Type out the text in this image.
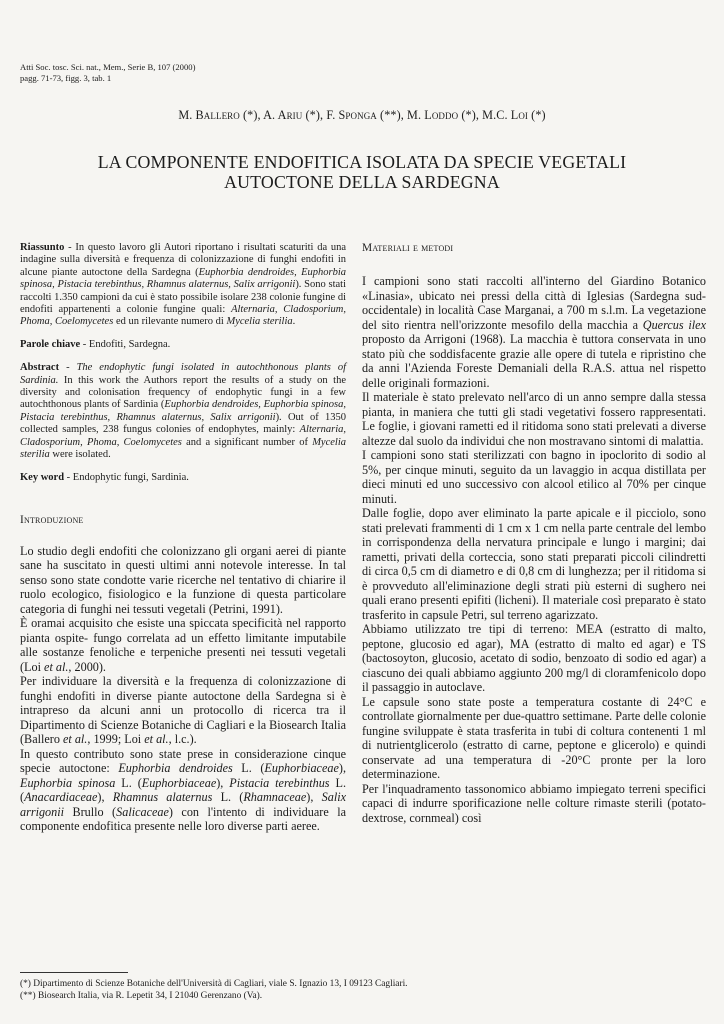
Atti Soc. tosc. Sci. nat., Mem., Serie B, 107 (2000)
pagg. 71-73, figg. 3, tab. 1
M. Ballero (*), A. Ariu (*), F. Sponga (**), M. Loddo (*), M.C. Loi (*)
LA COMPONENTE ENDOFITICA ISOLATA DA SPECIE VEGETALI
AUTOCTONE DELLA SARDEGNA

Riassunto - In questo lavoro gli Autori riportano i risultati scaturiti da una indagine sulla diversità e frequenza di colonizzazione di funghi endofiti in alcune piante autoctone della Sardegna (Euphorbia dendroides, Euphorbia spinosa, Pistacia terebinthus, Rhamnus alaternus, Salix arrigonii). Sono stati raccolti 1.350 campioni da cui è stato possibile isolare 238 colonie fungine di endofiti appartenenti a colonie fungine quali: Alternaria, Cladosporium, Phoma, Coelomycetes ed un rilevante numero di Mycelia sterilia.

Parole chiave - Endofiti, Sardegna.

Abstract - The endophytic fungi isolated in autochthonous plants of Sardinia. In this work the Authors report the results of a study on the diversity and colonisation frequency of endophytic fungi in a few autochthonous plants of Sardinia (Euphorbia dendroides, Euphorbia spinosa, Pistacia terebinthus, Rhamnus alaternus, Salix arrigonii). Out of 1350 collected samples, 238 fungus colonies of endophytes, mainly: Alternaria, Cladosporium, Phoma, Coelomycetes and a significant number of Mycelia sterilia were isolated.

Key word - Endophytic fungi, Sardinia.

Introduzione

Lo studio degli endofiti che colonizzano gli organi aerei di piante sane ha suscitato in questi ultimi anni notevole interesse. In tal senso sono state condotte varie ricerche nel tentativo di chiarire il ruolo ecologico, fisiologico e la funzione di questa particolare categoria di funghi nei tessuti vegetali (Petrini, 1991).

È oramai acquisito che esiste una spiccata specificità nel rapporto pianta ospite- fungo correlata ad un effetto limitante imputabile alle sostanze fenoliche e terpeniche presenti nei tessuti vegetali (Loi et al., 2000).

Per individuare la diversità e la frequenza di colonizzazione di funghi endofiti in diverse piante autoctone della Sardegna si è intrapreso da alcuni anni un protocollo di ricerca tra il Dipartimento di Scienze Botaniche di Cagliari e la Biosearch Italia (Ballero et al., 1999; Loi et al., l.c.).

In questo contributo sono state prese in considerazione cinque specie autoctone: Euphorbia dendroides L. (Euphorbiaceae), Euphorbia spinosa L. (Euphorbiaceae), Pistacia terebinthus L. (Anacardiaceae), Rhamnus alaternus L. (Rhamnaceae), Salix arrigonii Brullo (Salicaceae) con l'intento di individuare la componente endofitica presente nelle loro diverse parti aeree.

Materiali e metodi

I campioni sono stati raccolti all'interno del Giardino Botanico «Linasia», ubicato nei pressi della città di Iglesias (Sardegna sud-occidentale) in località Case Marganai, a 700 m s.l.m. La vegetazione del sito rientra nell'orizzonte mesofilo della macchia a Quercus ilex proposto da Arrigoni (1968). La macchia è tuttora conservata in uno stato più che soddisfacente grazie alle opere di tutela e ripristino che da anni l'Azienda Foreste Demaniali della R.A.S. attua nel rispetto delle originali formazioni.

Il materiale è stato prelevato nell'arco di un anno sempre dalla stessa pianta, in maniera che tutti gli stadi vegetativi fossero rappresentati. Le foglie, i giovani rametti ed il ritidoma sono stati prelevati a diverse altezze dal suolo da individui che non mostravano sintomi di malattia.

I campioni sono stati sterilizzati con bagno in ipoclorito di sodio al 5%, per cinque minuti, seguito da un lavaggio in acqua distillata per dieci minuti ed uno successivo con alcool etilico al 70% per cinque minuti.

Dalle foglie, dopo aver eliminato la parte apicale e il picciolo, sono stati prelevati frammenti di 1 cm x 1 cm nella parte centrale del lembo in corrispondenza della nervatura principale e lungo i margini; dai rametti, privati della corteccia, sono stati preparati piccoli cilindretti di circa 0,5 cm di diametro e di 0,8 cm di lunghezza; per il ritidoma si è provveduto all'eliminazione degli strati più esterni di sughero nei quali erano presenti epifiti (licheni). Il materiale così preparato è stato trasferito in capsule Petri, sul terreno agarizzato.

Abbiamo utilizzato tre tipi di terreno: MEA (estratto di malto, peptone, glucosio ed agar), MA (estratto di malto ed agar) e TS (bactosoyton, glucosio, acetato di sodio, benzoato di sodio ed agar) a ciascuno dei quali abbiamo aggiunto 200 mg/l di cloramfenicolo dopo il passaggio in autoclave.

Le capsule sono state poste a temperatura costante di 24°C e controllate giornalmente per due-quattro settimane. Parte delle colonie fungine sviluppate è stata trasferita in tubi di coltura contenenti 1 ml di nutrientglicerolo (estratto di carne, peptone e glicerolo) e quindi conservate ad una temperatura di -20°C pronte per la loro determinazione.

Per l'inquadramento tassonomico abbiamo impiegato terreni specifici capaci di indurre sporificazione nelle colture rimaste sterili (potato-dextrose, cornmeal) così

(*) Dipartimento di Scienze Botaniche dell'Università di Cagliari, viale S. Ignazio 13, I 09123 Cagliari.
(**) Biosearch Italia, via R. Lepetit 34, I 21040 Gerenzano (Va).
